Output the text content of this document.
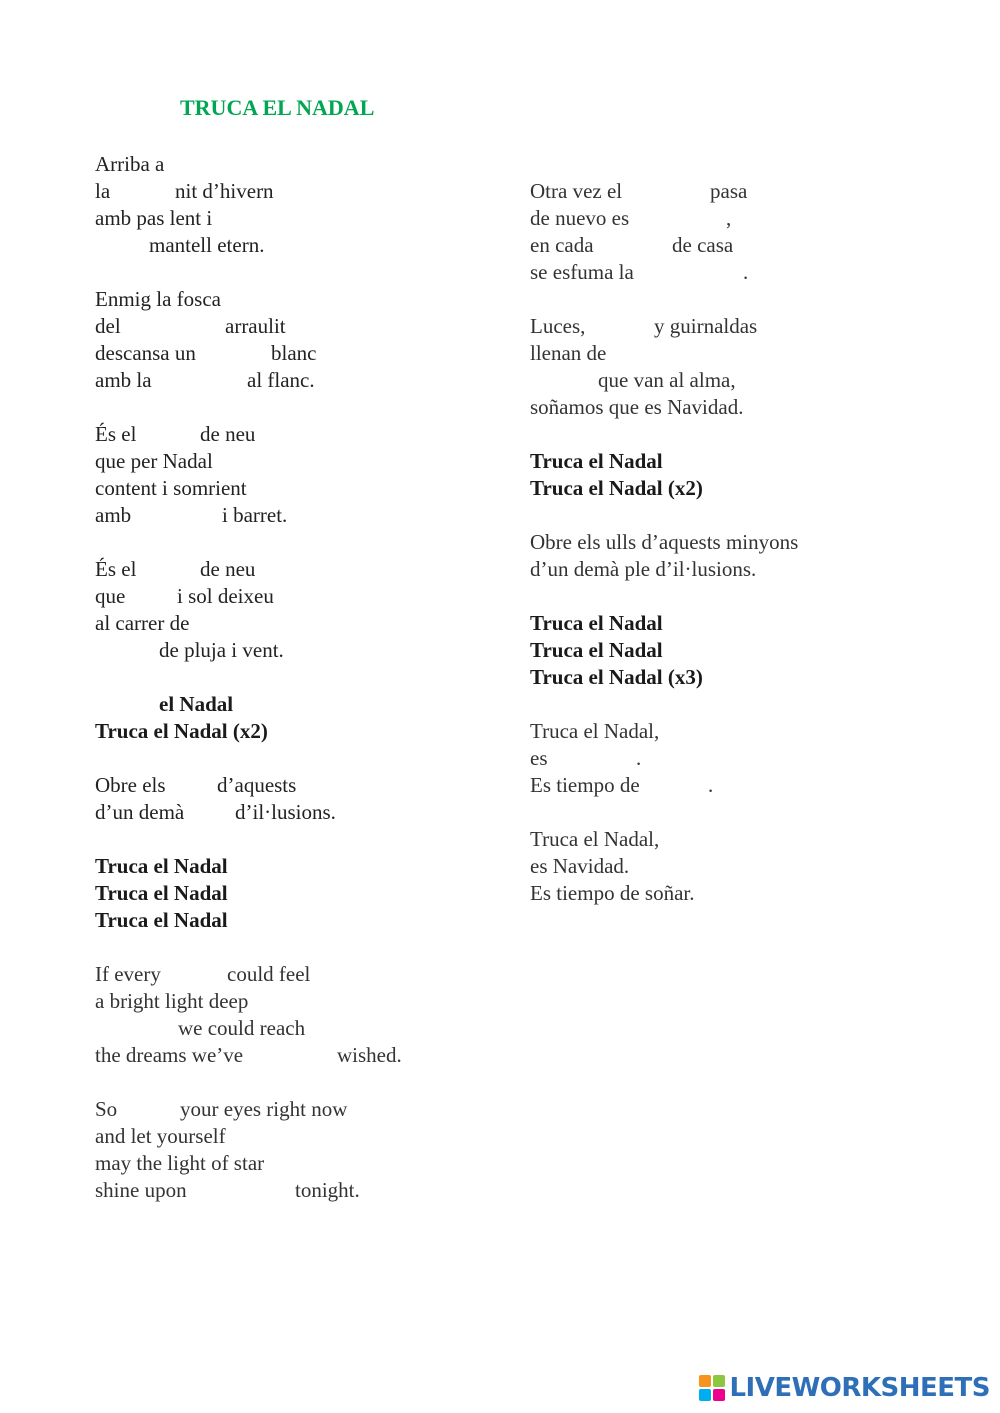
TRUCA EL NADAL
Arriba a
la	nit d’hivern
amb pas lent i
mantell etern.
Enmig la fosca
del	arraulit
descansa un	blanc
amb la	al flanc.
És el	de neu
que per Nadal
content i somrient
amb	i barret.
És el	de neu
que i sol deixeu
al carrer de
de pluja i vent.
el Nadal
Truca el Nadal (x2)
Obre els d’aquests
d’un demà d’il·lusions.
Truca el Nadal
Truca el Nadal
Truca el Nadal
If every	could feel
a bright light deep
we could reach
the dreams we’ve	wished.
So	your eyes right now
and let yourself
may the light of star
shine upon	tonight.
Otra vez el	pasa
de nuevo es	,
en cada	de casa
se esfuma la	.
Luces,	y guirnaldas
llenan de
que van al alma,
soñamos que es Navidad.
Truca el Nadal
Truca el Nadal (x2)
Obre els ulls d’aquests minyons
d’un demà ple d’il·lusions.
Truca el Nadal
Truca el Nadal
Truca el Nadal (x3)
Truca el Nadal,
es	.
Es tiempo de	.
Truca el Nadal,
es Navidad.
Es tiempo de soñar.
LIVEWORKSHEETS
